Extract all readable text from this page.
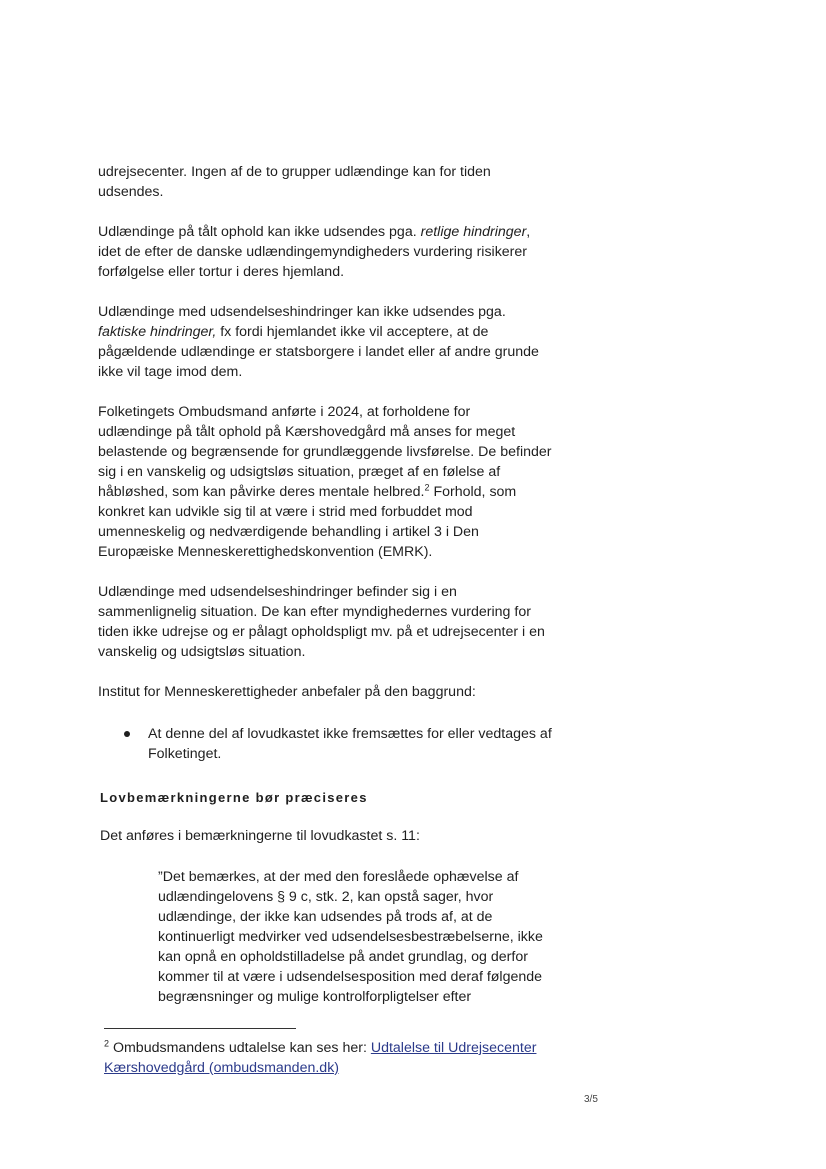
udrejsecenter. Ingen af de to grupper udlændinge kan for tiden
udsendes.

Udlændinge på tålt ophold kan ikke udsendes pga. retlige hindringer,
idet de efter de danske udlændingemyndigheders vurdering risikerer
forfølgelse eller tortur i deres hjemland.

Udlændinge med udsendelseshindringer kan ikke udsendes pga.
faktiske hindringer, fx fordi hjemlandet ikke vil acceptere, at de
pågældende udlændinge er statsborgere i landet eller af andre grunde
ikke vil tage imod dem.

Folketingets Ombudsmand anførte i 2024, at forholdene for
udlændinge på tålt ophold på Kærshovedgård må anses for meget
belastende og begrænsende for grundlæggende livsførelse. De befinder
sig i en vanskelig og udsigtsløs situation, præget af en følelse af
håbløshed, som kan påvirke deres mentale helbred.$^2$ Forhold, som
konkret kan udvikle sig til at være i strid med forbuddet mod
umenneskelig og nedværdigende behandling i artikel 3 i Den
Europæiske Menneskerettighedskonvention (EMRK).

Udlændinge med udsendelseshindringer befinder sig i en
sammenlignelig situation. De kan efter myndighedernes vurdering for
tiden ikke udrejse og er pålagt opholdspligt mv. på et udrejsecenter i en
vanskelig og udsigtsløs situation.

Institut for Menneskerettigheder anbefaler på den baggrund:

At denne del af lovudkastet ikke fremsættes for eller vedtages af
Folketinget.
Lovbemærkningerne bør præciseres

Det anføres i bemærkningerne til lovudkastet s. 11:

”Det bemærkes, at der med den foreslåede ophævelse af
udlændingelovens § 9 c, stk. 2, kan opstå sager, hvor
udlændinge, der ikke kan udsendes på trods af, at de
kontinuerligt medvirker ved udsendelsesbestræbelserne, ikke
kan opnå en opholdstilladelse på andet grundlag, og derfor
kommer til at være i udsendelsesposition med deraf følgende
begrænsninger og mulige kontrolforpligtelser efter
$^2$ Ombudsmandens udtalelse kan ses her: Udtalelse til Udrejsecenter
Kærshovedgård (ombudsmanden.dk)
3/5
